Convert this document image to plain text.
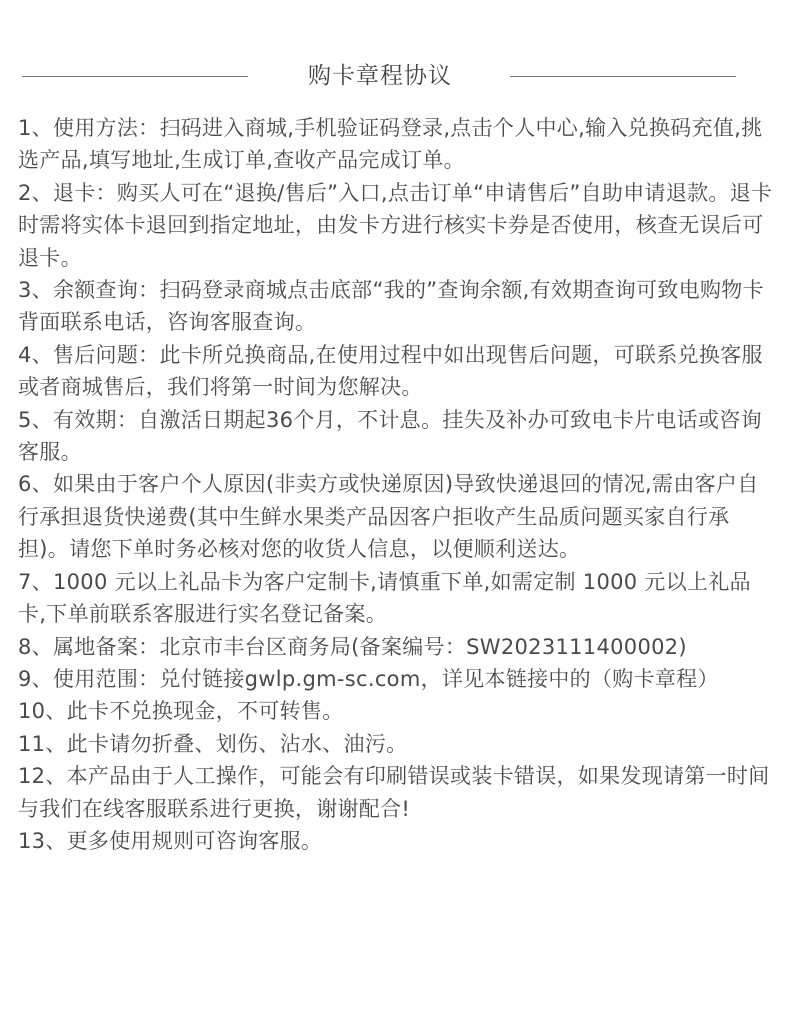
购卡章程协议
1、使用方法：扫码进入商城,手机验证码登录,点击个人中心,输入兑换码充值,挑选产品,填写地址,生成订单,查收产品完成订单。
2、退卡：购买人可在“退换/售后”入口,点击订单“申请售后”自助申请退款。退卡时需将实体卡退回到指定地址，由发卡方进行核实卡券是否使用，核查无误后可退卡。
3、余额查询：扫码登录商城点击底部“我的”查询余额,有效期查询可致电购物卡背面联系电话，咨询客服查询。
4、售后问题：此卡所兑换商品,在使用过程中如出现售后问题，可联系兑换客服或者商城售后，我们将第一时间为您解决。
5、有效期：自激活日期起36个月，不计息。挂失及补办可致电卡片电话或咨询客服。
6、如果由于客户个人原因(非卖方或快递原因)导致快递退回的情况,需由客户自行承担退货快递费(其中生鲜水果类产品因客户拒收产生品质问题买家自行承担)。请您下单时务必核对您的收货人信息，以便顺利送达。
7、1000 元以上礼品卡为客户定制卡,请慎重下单,如需定制 1000 元以上礼品卡,下单前联系客服进行实名登记备案。
8、属地备案：北京市丰台区商务局(备案编号：SW2023111400002)
9、使用范围：兑付链接gwlp.gm-sc.com，详见本链接中的（购卡章程）
10、此卡不兑换现金，不可转售。
11、此卡请勿折叠、划伤、沾水、油污。
12、本产品由于人工操作，可能会有印刷错误或装卡错误，如果发现请第一时间与我们在线客服联系进行更换，谢谢配合!
13、更多使用规则可咨询客服。
